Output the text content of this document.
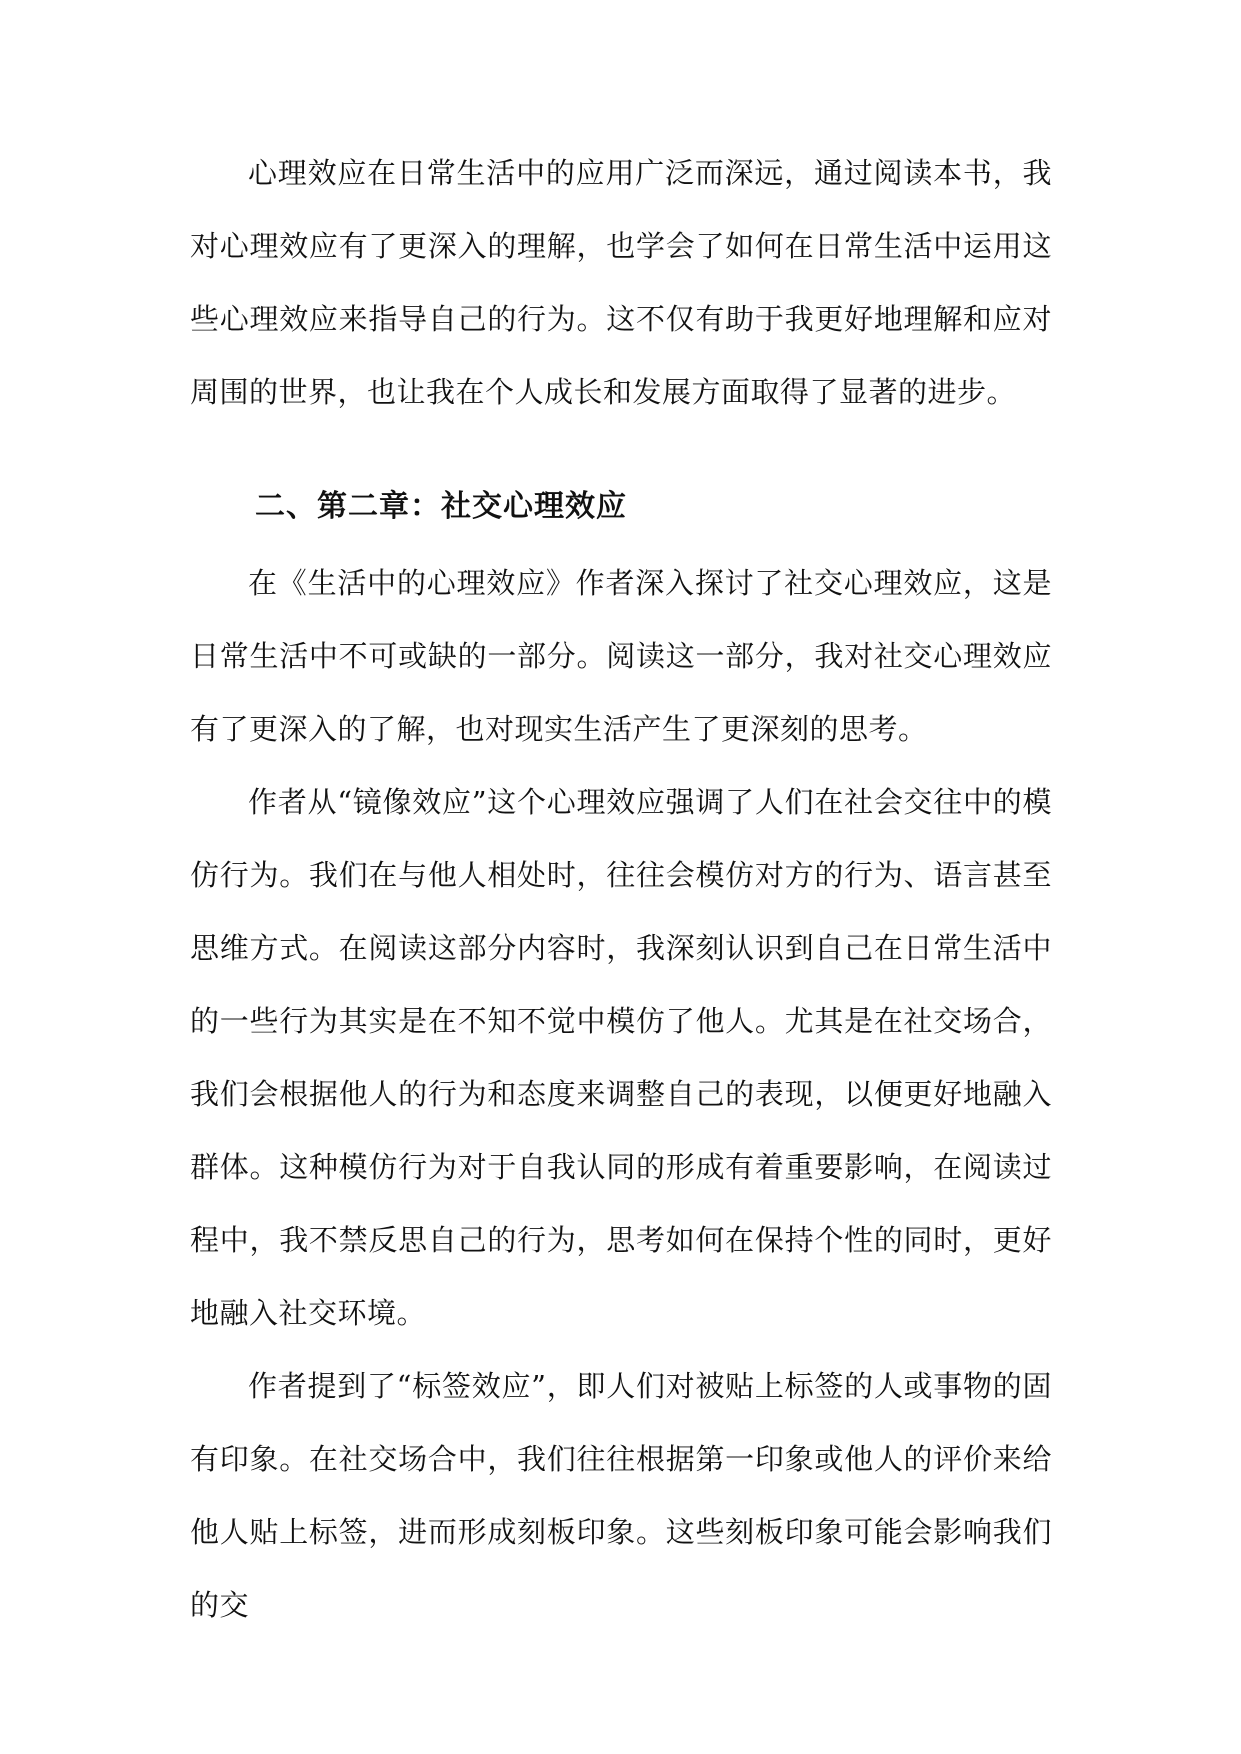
心理效应在日常生活中的应用广泛而深远，通过阅读本书，我对心理效应有了更深入的理解，也学会了如何在日常生活中运用这些心理效应来指导自己的行为。这不仅有助于我更好地理解和应对周围的世界，也让我在个人成长和发展方面取得了显著的进步。

二、第二章：社交心理效应

在《生活中的心理效应》作者深入探讨了社交心理效应，这是日常生活中不可或缺的一部分。阅读这一部分，我对社交心理效应有了更深入的了解，也对现实生活产生了更深刻的思考。

作者从“镜像效应”这个心理效应强调了人们在社会交往中的模仿行为。我们在与他人相处时，往往会模仿对方的行为、语言甚至思维方式。在阅读这部分内容时，我深刻认识到自己在日常生活中的一些行为其实是在不知不觉中模仿了他人。尤其是在社交场合，我们会根据他人的行为和态度来调整自己的表现，以便更好地融入群体。这种模仿行为对于自我认同的形成有着重要影响，在阅读过程中，我不禁反思自己的行为，思考如何在保持个性的同时，更好地融入社交环境。

作者提到了“标签效应”，即人们对被贴上标签的人或事物的固有印象。在社交场合中，我们往往根据第一印象或他人的评价来给他人贴上标签，进而形成刻板印象。这些刻板印象可能会影响我们的交
